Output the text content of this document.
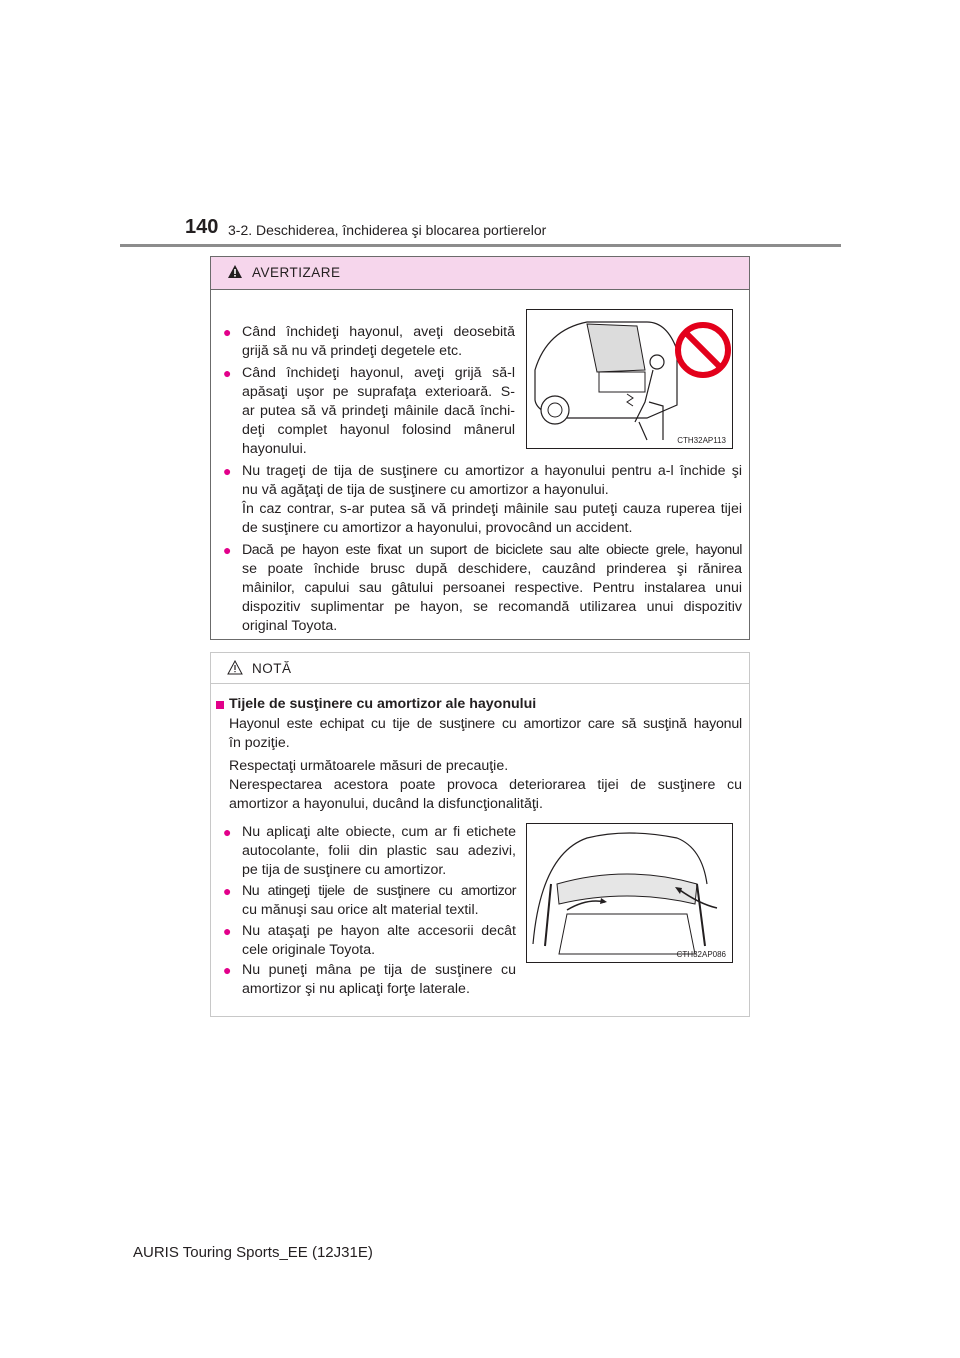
140 3-2. Deschiderea, închiderea şi blocarea portierelor
AVERTIZARE
● Când închideţi hayonul, aveţi deosebită
grijă să nu vă prindeţi degetele etc.
● Când închideţi hayonul, aveţi grijă să-l
apăsaţi uşor pe suprafaţa exterioară. S-
ar putea să vă prindeţi mâinile dacă închi-
deţi complet hayonul folosind mânerul
hayonului.
CTH32AP113
● Nu trageţi de tija de susţinere cu amortizor a hayonului pentru a-l închide şi
nu vă agăţaţi de tija de susţinere cu amortizor a hayonului.
În caz contrar, s-ar putea să vă prindeţi mâinile sau puteţi cauza ruperea tijei
de susţinere cu amortizor a hayonului, provocând un accident.
● Dacă pe hayon este fixat un suport de biciclete sau alte obiecte grele, hayonul
se poate închide brusc după deschidere, cauzând prinderea şi rănirea
mâinilor, capului sau gâtului persoanei respective. Pentru instalarea unui
dispozitiv suplimentar pe hayon, se recomandă utilizarea unui dispozitiv
original Toyota.
NOTĂ
Tijele de susţinere cu amortizor ale hayonului
Hayonul este echipat cu tije de susţinere cu amortizor care să susţină hayonul
în poziţie.
Respectaţi următoarele măsuri de precauţie.
Nerespectarea acestora poate provoca deteriorarea tijei de susţinere cu
amortizor a hayonului, ducând la disfuncţionalităţi.
● Nu aplicaţi alte obiecte, cum ar fi etichete
autocolante, folii din plastic sau adezivi,
pe tija de susţinere cu amortizor.
● Nu atingeţi tijele de susţinere cu amortizor
cu mănuşi sau orice alt material textil.
● Nu ataşaţi pe hayon alte accesorii decât
cele originale Toyota.
● Nu puneţi mâna pe tija de susţinere cu
amortizor şi nu aplicaţi forţe laterale.
CTH32AP086
AURIS Touring Sports_EE (12J31E)
